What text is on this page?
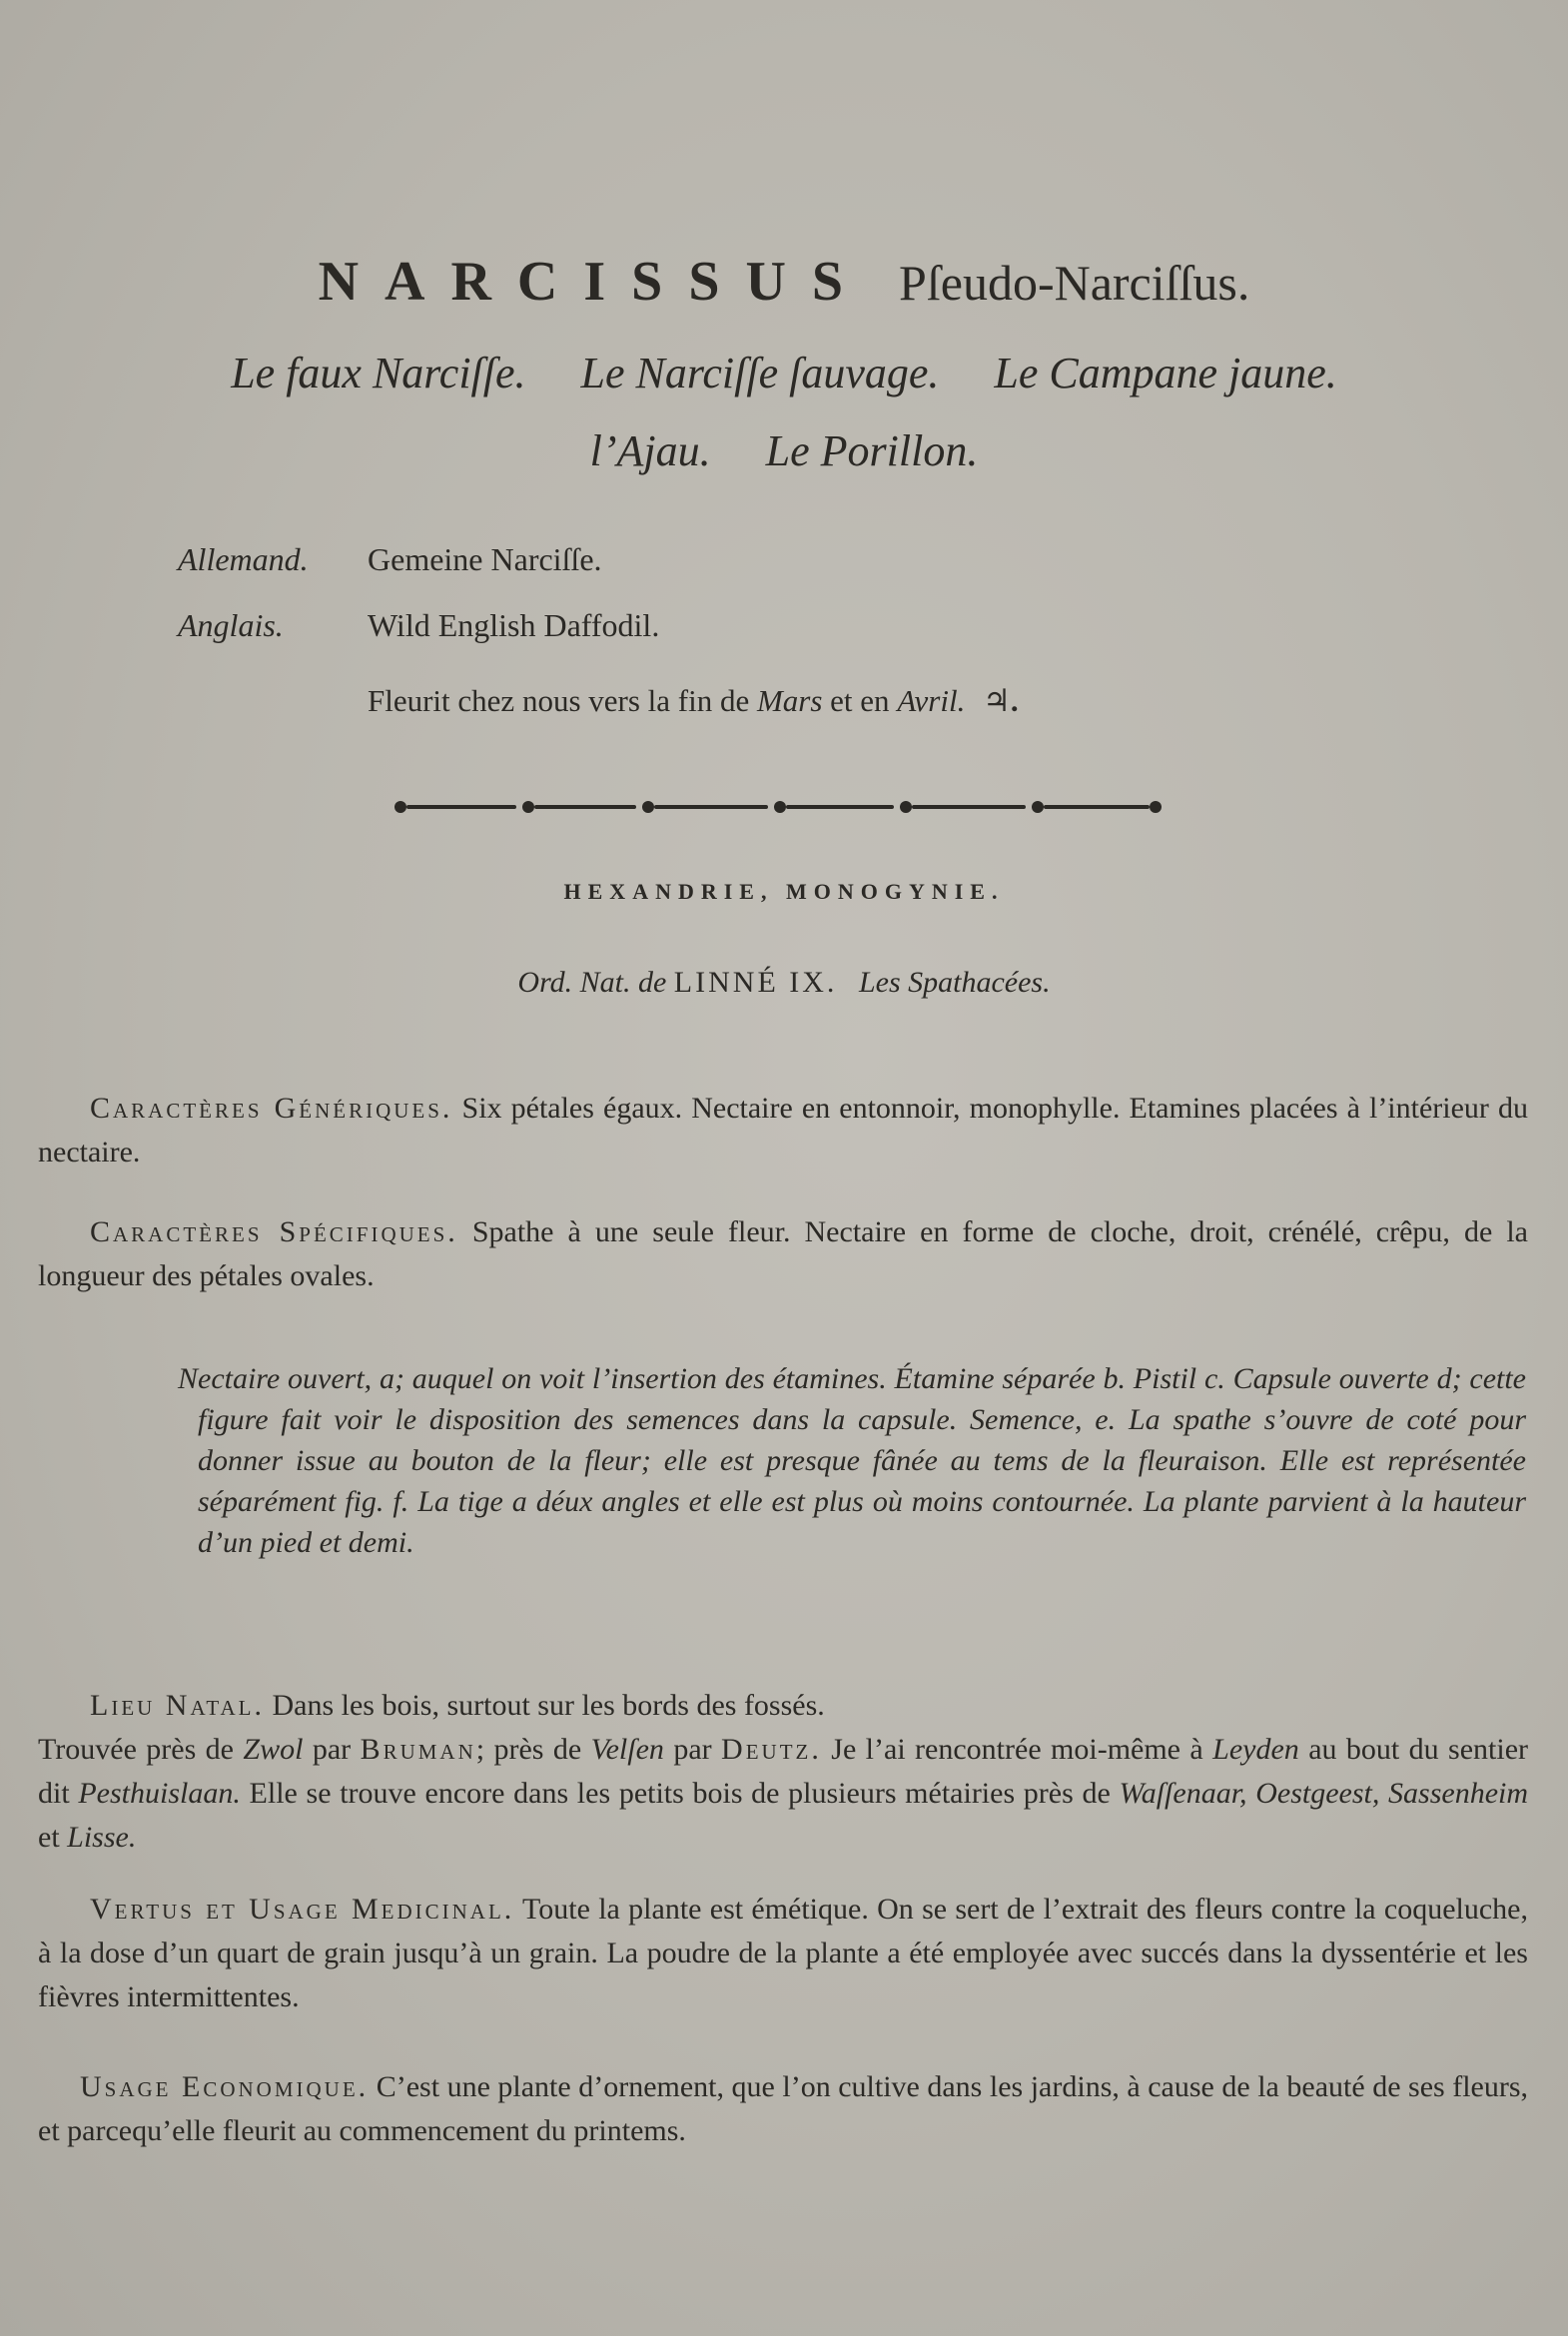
NARCISSUS Pſeudo-Narciſſus.
Le faux Narciſſe. Le Narciſſe ſauvage. Le Campane jaune.
l’Ajau. Le Porillon.
Allemand. Gemeine Narciſſe.
Anglais.	Wild English Daffodil.
Fleurit chez nous vers la fin de Mars et en Avril. ♃.
HEXANDRIE, MONOGYNIE.
Ord. Nat. de LINNÉ IX. Les Spathacées.

Caractères Génériques. Six pétales égaux. Nectaire en entonnoir, monophylle. Etamines placées à l’intérieur du nectaire.

Caractères Spécifiques. Spathe à une seule fleur. Nectaire en forme de cloche, droit, crénélé, crêpu, de la longueur des pétales ovales.

Nectaire ouvert, a; auquel on voit l’insertion des étamines. Étamine séparée b. Pistil c. Capsule ouverte d; cette figure fait voir le disposition des semences dans la capsule. Semence, e. La spathe s’ouvre de coté pour donner issue au bouton de la fleur; elle est presque fânée au tems de la fleuraison. Elle est représentée séparément fig. f. La tige a déux angles et elle est plus où moins contournée. La plante parvient à la hauteur d’un pied et demi.

Lieu Natal. Dans les bois, surtout sur les bords des fossés.
Trouvée près de Zwol par Bruman; près de Velſen par Deutz. Je l’ai rencontrée moi-même à Leyden au bout du sentier dit Pesthuislaan. Elle se trouve encore dans les petits bois de plusieurs métairies près de Waſſenaar, Oestgeest, Sassenheim et Lisse.

Vertus et Usage Medicinal. Toute la plante est émétique. On se sert de l’extrait des fleurs contre la coqueluche, à la dose d’un quart de grain jusqu’à un grain. La poudre de la plante a été employée avec succés dans la dyssentérie et les fièvres intermittentes.

Usage Economique. C’est une plante d’ornement, que l’on cultive dans les jardins, à cause de la beauté de ses fleurs, et parcequ’elle fleurit au commencement du printems.
